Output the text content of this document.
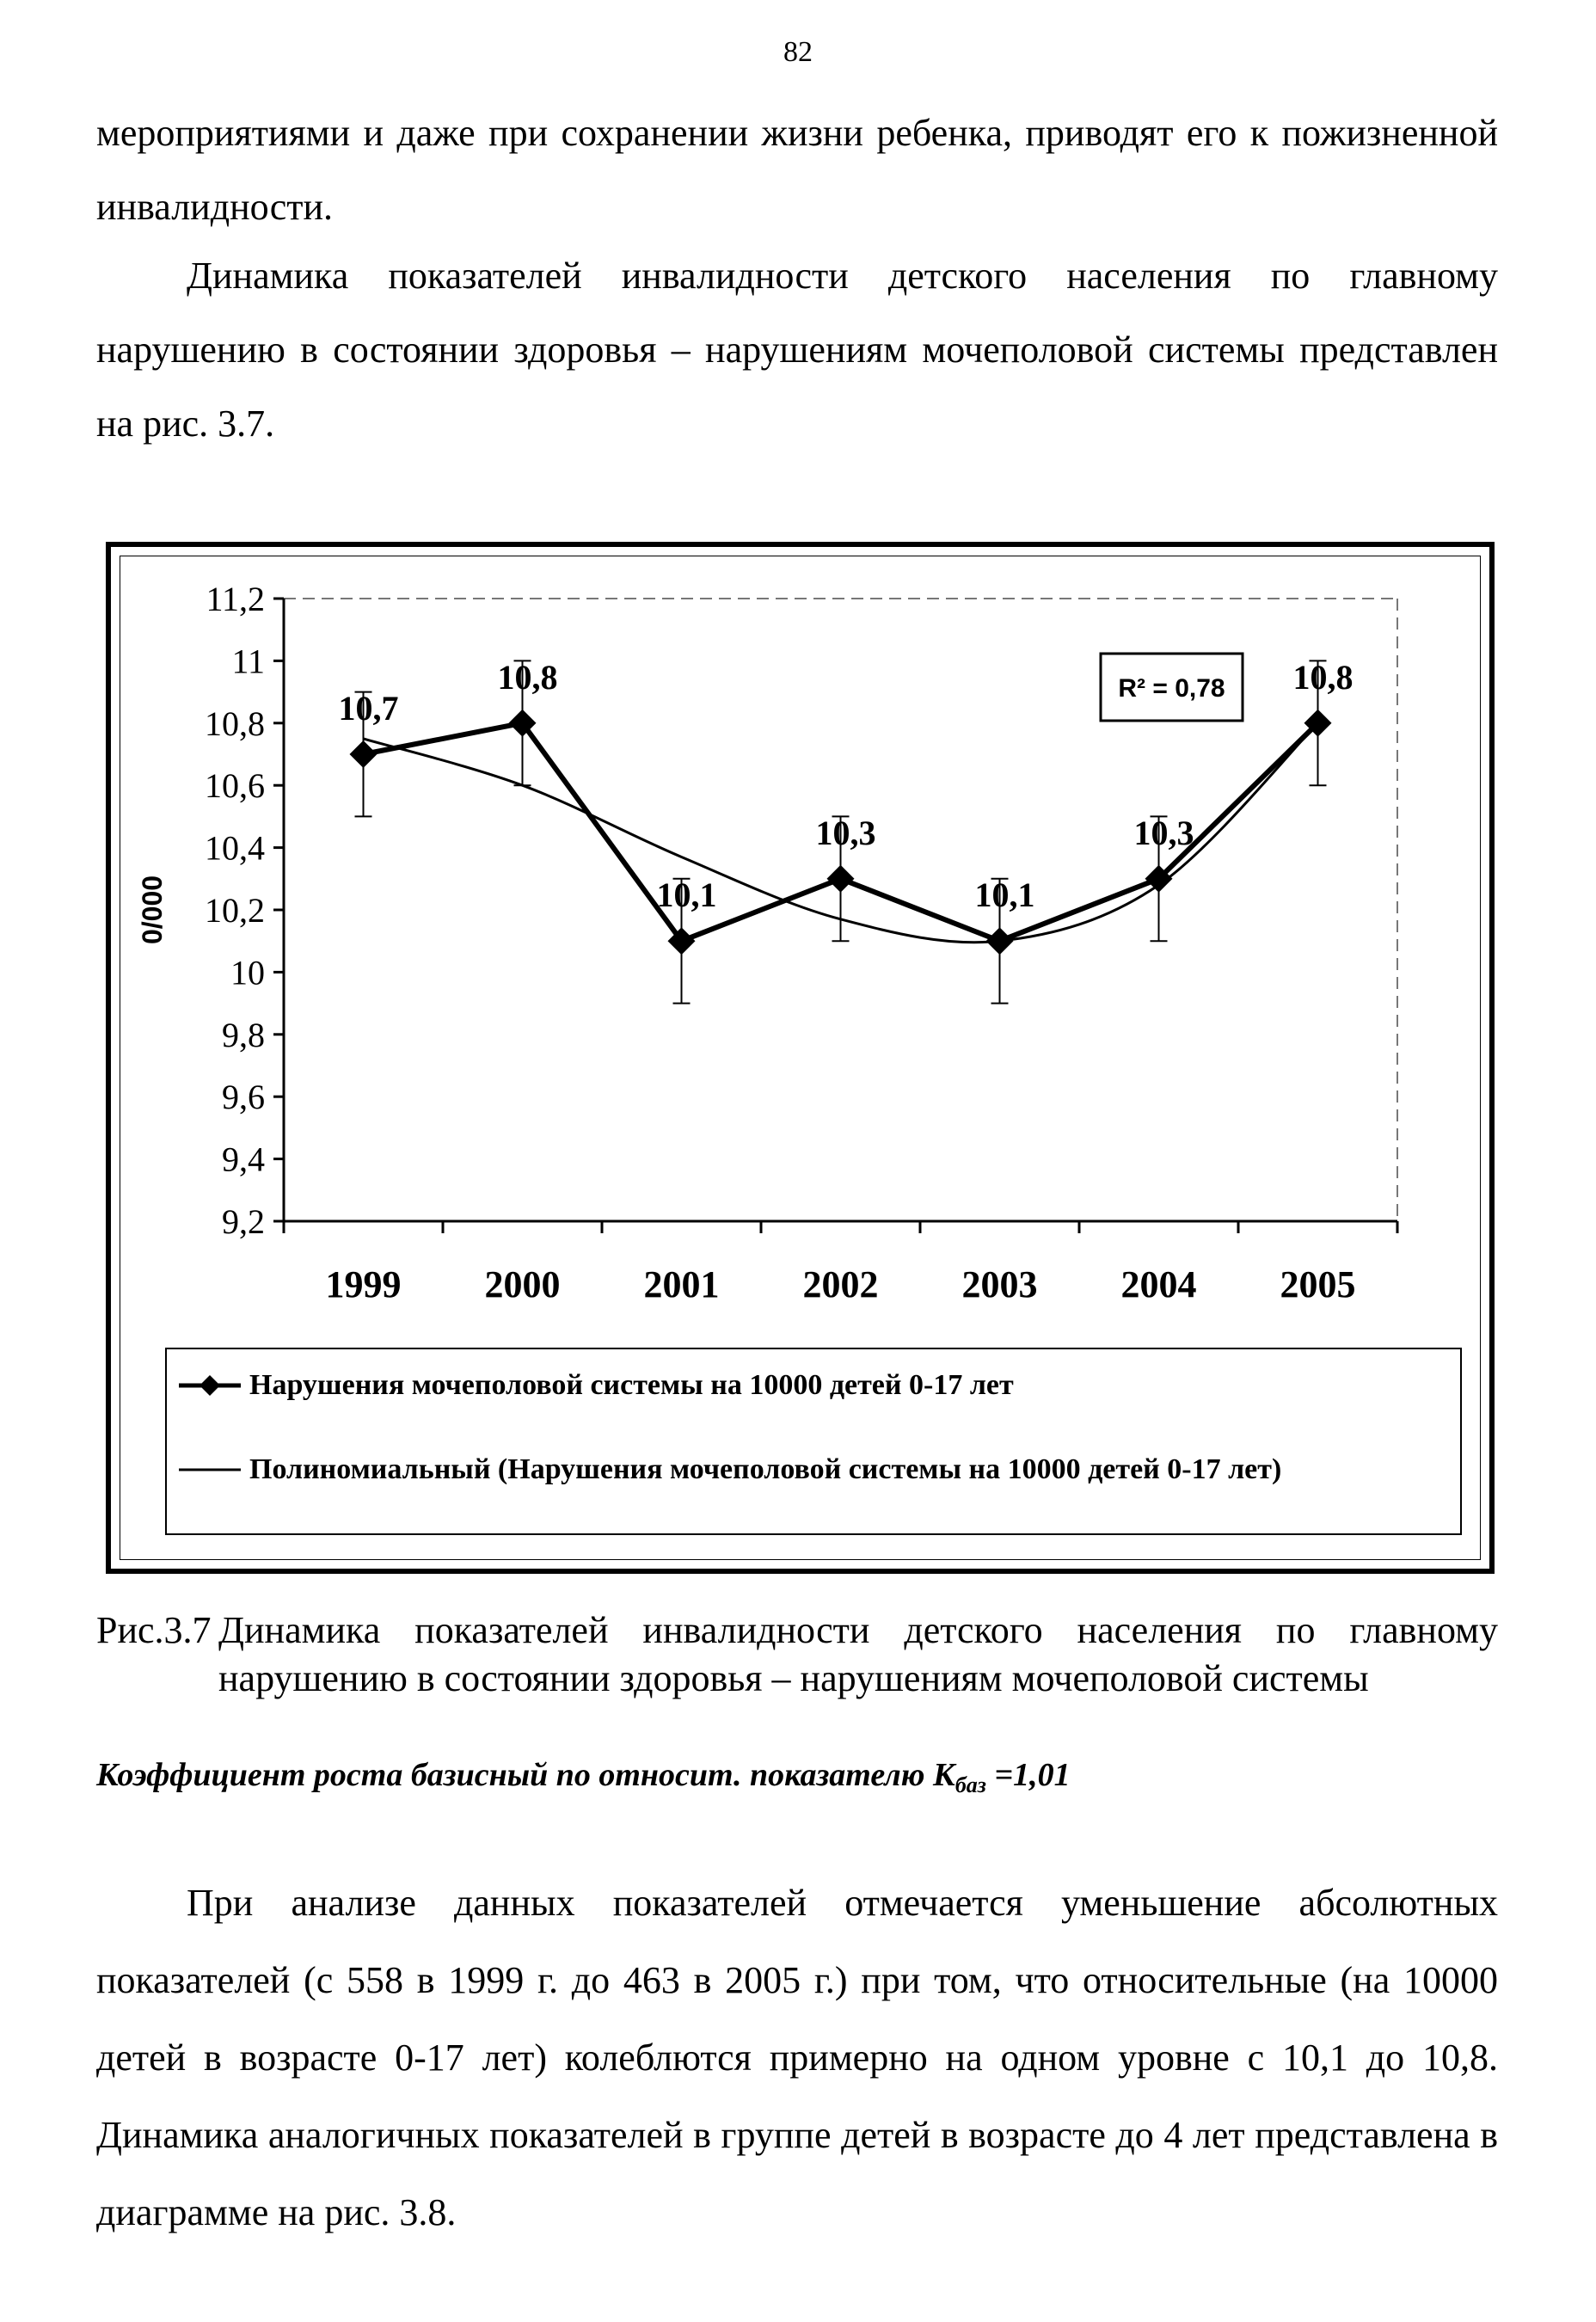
82

мероприятиями и даже при сохранении жизни ребенка, приводят его к пожизненной инвалидности.

Динамика показателей инвалидности детского населения по главному нарушению в состоянии здоровья – нарушениям мочеполовой системы представлен на рис. 3.7.

11,2
11
10,8
10,6
10,4
10,2
10
9,8
9,6
9,4
9,2
1999 2000 2001 2002 2003 2004 2005
0/000
10,7
10,8
10,1
10,3
10,1
10,3
10,8
R² = 0,78
Нарушения мочеполовой системы на 10000 детей 0-17 лет
Полиномиальный (Нарушения мочеполовой системы на 10000 детей 0-17 лет)
Рис.3.7 Динамика показателей инвалидности детского населения по главному нарушению в состоянии здоровья – нарушениям мочеполовой системы
Коэффициент роста базисный по относит. показателю $К_{баз} =1,01$

При анализе данных показателей отмечается уменьшение абсолютных показателей (с 558 в 1999 г. до 463 в 2005 г.) при том, что относительные (на 10000 детей в возрасте 0-17 лет) колеблются примерно на одном уровне с 10,1 до 10,8. Динамика аналогичных показателей в группе детей в возрасте до 4 лет представлена в диаграмме на рис. 3.8.
